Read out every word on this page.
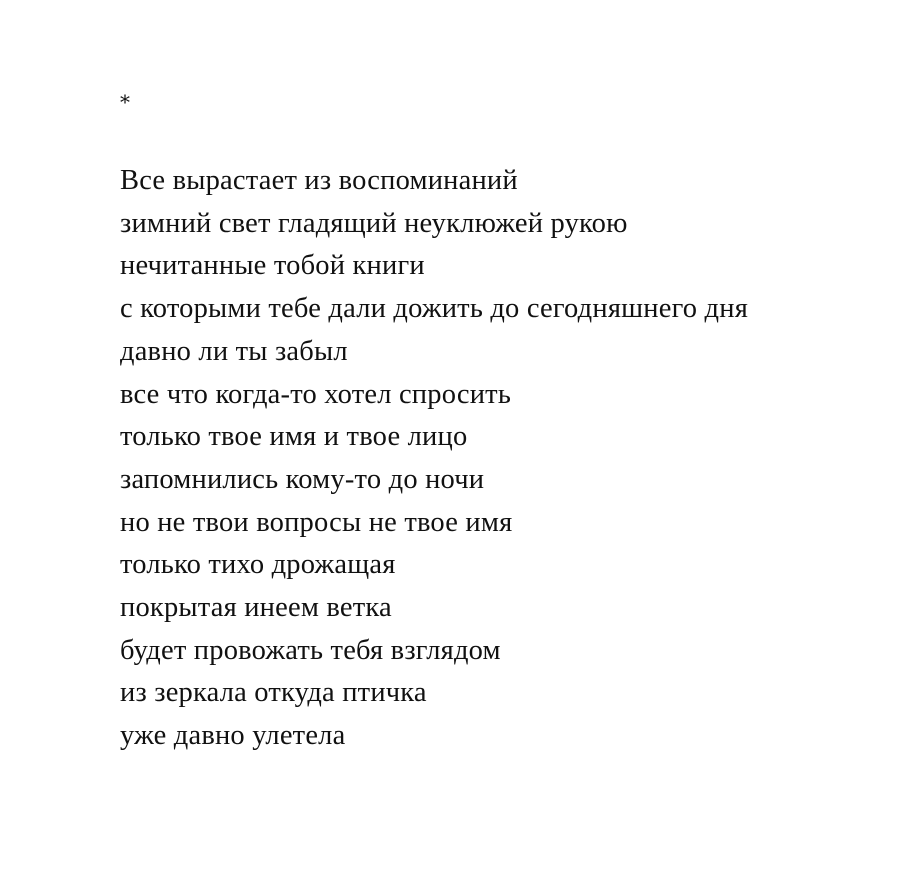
⁎
Все вырастает из воспоминаний
зимний свет гладящий неуклюжей рукою
нечитанные тобой книги
с которыми тебе дали дожить до сегодняшнего дня
давно ли ты забыл
все что когда-то хотел спросить
только твое имя и твое лицо
запомнились кому-то до ночи
но не твои вопросы не твое имя
только тихо дрожащая
покрытая инеем ветка
будет провожать тебя взглядом
из зеркала откуда птичка
уже давно улетела
